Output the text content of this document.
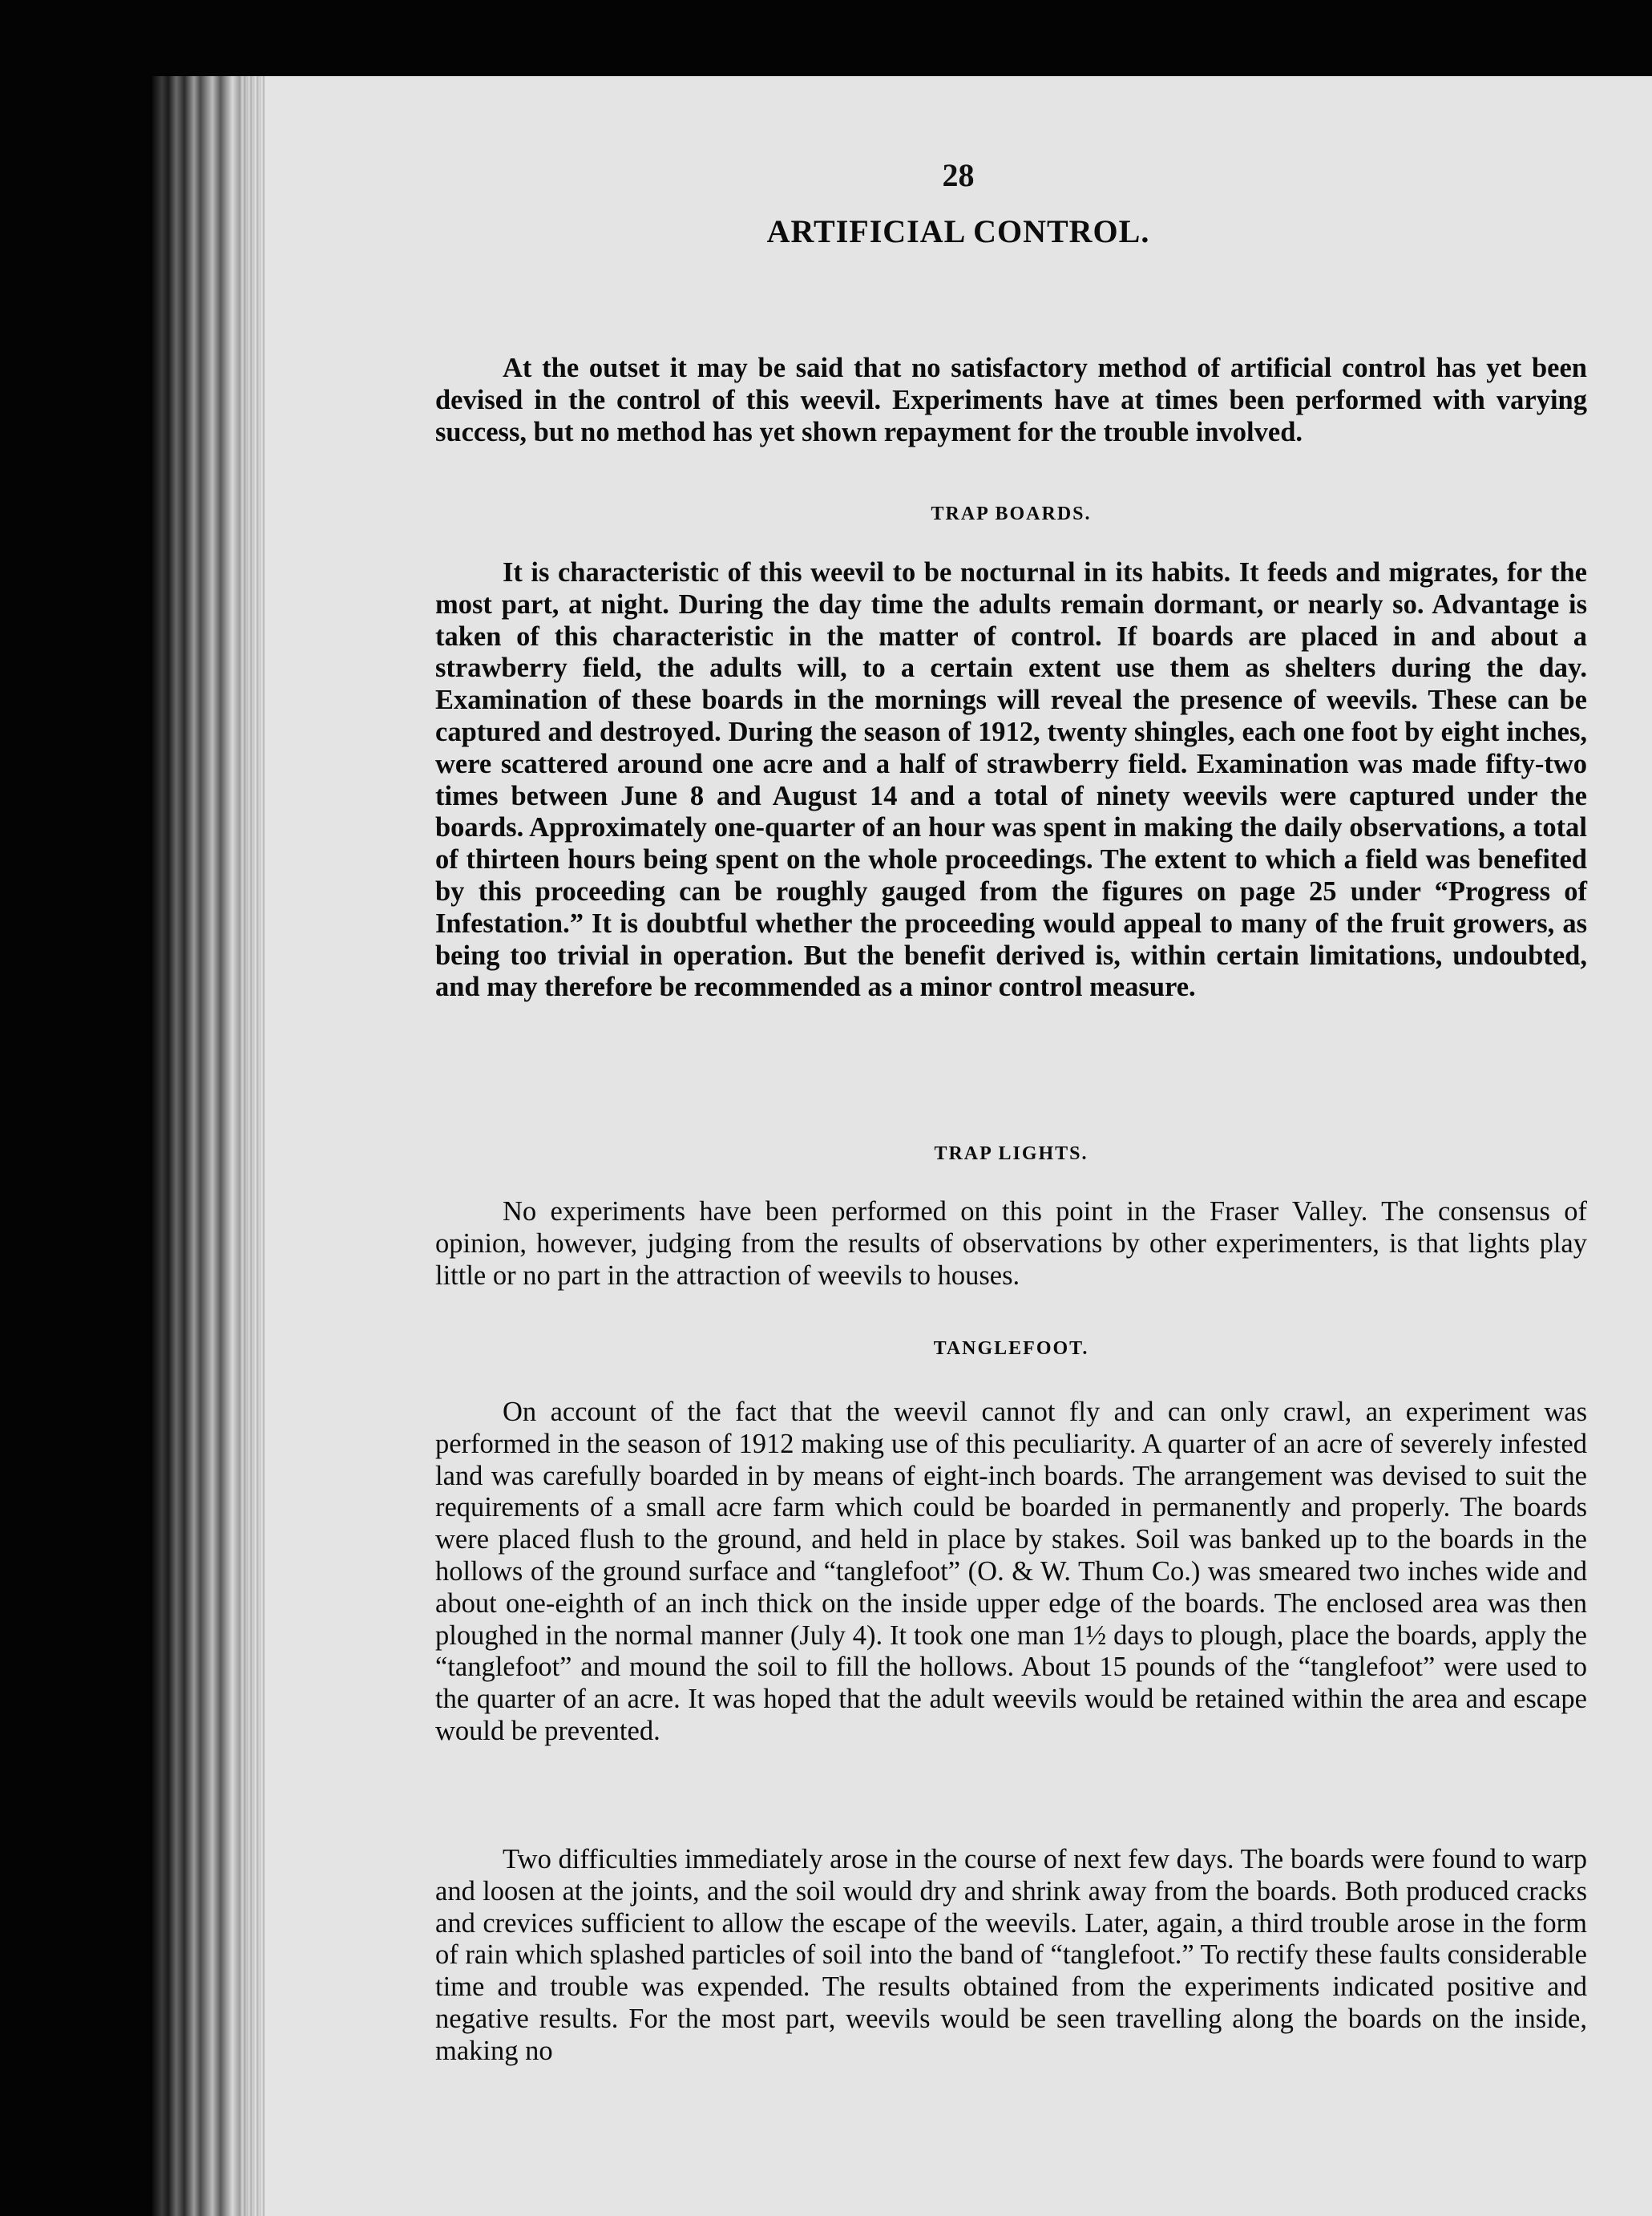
28
ARTIFICIAL CONTROL.

At the outset it may be said that no satisfactory method of artificial control has yet been devised in the control of this weevil. Experiments have at times been performed with varying success, but no method has yet shown repayment for the trouble involved.

TRAP BOARDS.

It is characteristic of this weevil to be nocturnal in its habits. It feeds and migrates, for the most part, at night. During the day time the adults remain dormant, or nearly so. Advantage is taken of this characteristic in the matter of control. If boards are placed in and about a strawberry field, the adults will, to a certain extent use them as shelters during the day. Examination of these boards in the mornings will reveal the presence of weevils. These can be captured and destroyed. During the season of 1912, twenty shingles, each one foot by eight inches, were scattered around one acre and a half of strawberry field. Examination was made fifty-two times between June 8 and August 14 and a total of ninety weevils were captured under the boards. Approximately one-quarter of an hour was spent in making the daily observations, a total of thirteen hours being spent on the whole proceedings. The extent to which a field was benefited by this proceeding can be roughly gauged from the figures on page 25 under “Progress of Infestation.” It is doubtful whether the proceeding would appeal to many of the fruit growers, as being too trivial in operation. But the benefit derived is, within certain limitations, undoubted, and may therefore be recommended as a minor control measure.

TRAP LIGHTS.

No experiments have been performed on this point in the Fraser Valley. The consensus of opinion, however, judging from the results of observations by other experimenters, is that lights play little or no part in the attraction of weevils to houses.

TANGLEFOOT.

On account of the fact that the weevil cannot fly and can only crawl, an experiment was performed in the season of 1912 making use of this peculiarity. A quarter of an acre of severely infested land was carefully boarded in by means of eight-inch boards. The arrangement was devised to suit the requirements of a small acre farm which could be boarded in permanently and properly. The boards were placed flush to the ground, and held in place by stakes. Soil was banked up to the boards in the hollows of the ground surface and “tanglefoot” (O. & W. Thum Co.) was smeared two inches wide and about one-eighth of an inch thick on the inside upper edge of the boards. The enclosed area was then ploughed in the normal manner (July 4). It took one man 1½ days to plough, place the boards, apply the “tanglefoot” and mound the soil to fill the hollows. About 15 pounds of the “tanglefoot” were used to the quarter of an acre. It was hoped that the adult weevils would be retained within the area and escape would be prevented.

Two difficulties immediately arose in the course of next few days. The boards were found to warp and loosen at the joints, and the soil would dry and shrink away from the boards. Both produced cracks and crevices sufficient to allow the escape of the weevils. Later, again, a third trouble arose in the form of rain which splashed particles of soil into the band of “tanglefoot.” To rectify these faults considerable time and trouble was expended. The results obtained from the experiments indicated positive and negative results. For the most part, weevils would be seen travelling along the boards on the inside, making no
